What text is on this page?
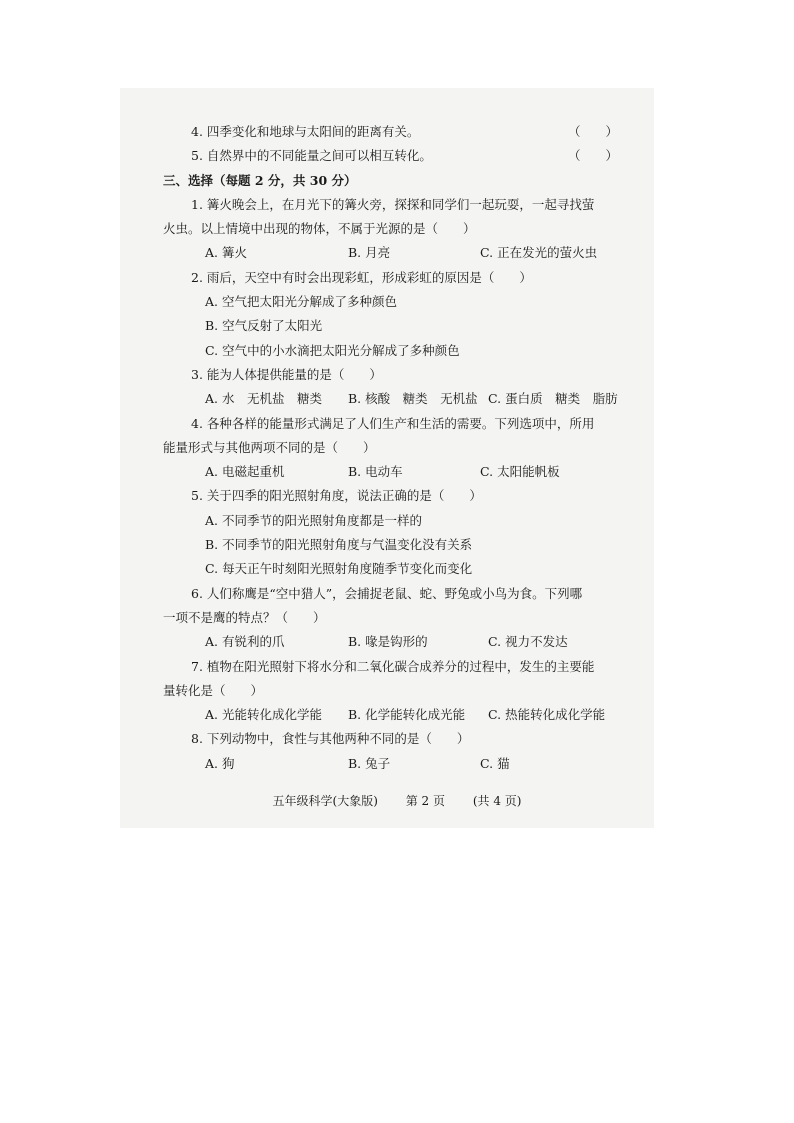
4. 四季变化和地球与太阳间的距离有关。	（　　）
5. 自然界中的不同能量之间可以相互转化。	（　　）
三、选择（每题 2 分，共 30 分）
1. 篝火晚会上，在月光下的篝火旁，探探和同学们一起玩耍，一起寻找萤
火虫。以上情境中出现的物体，不属于光源的是（　　）
A. 篝火	B. 月亮	C. 正在发光的萤火虫
2. 雨后，天空中有时会出现彩虹，形成彩虹的原因是（　　）
A. 空气把太阳光分解成了多种颜色
B. 空气反射了太阳光
C. 空气中的小水滴把太阳光分解成了多种颜色
3. 能为人体提供能量的是（　　）
A. 水　无机盐　糖类 B. 核酸　糖类　无机盐 C. 蛋白质　糖类　脂肪
4. 各种各样的能量形式满足了人们生产和生活的需要。下列选项中，所用
能量形式与其他两项不同的是（　　）
A. 电磁起重机	B. 电动车	C. 太阳能帆板
5. 关于四季的阳光照射角度，说法正确的是（　　）
A. 不同季节的阳光照射角度都是一样的
B. 不同季节的阳光照射角度与气温变化没有关系
C. 每天正午时刻阳光照射角度随季节变化而变化
6. 人们称鹰是“空中猎人”，会捕捉老鼠、蛇、野兔或小鸟为食。下列哪
一项不是鹰的特点？（　　）
A. 有锐利的爪	B. 喙是钩形的	C. 视力不发达
7. 植物在阳光照射下将水分和二氧化碳合成养分的过程中，发生的主要能
量转化是（　　）
A. 光能转化成化学能 B. 化学能转化成光能 C. 热能转化成化学能
8. 下列动物中，食性与其他两种不同的是（　　）
A. 狗	B. 兔子	C. 猫
五年级科学(大象版) 第 2 页 (共 4 页)
